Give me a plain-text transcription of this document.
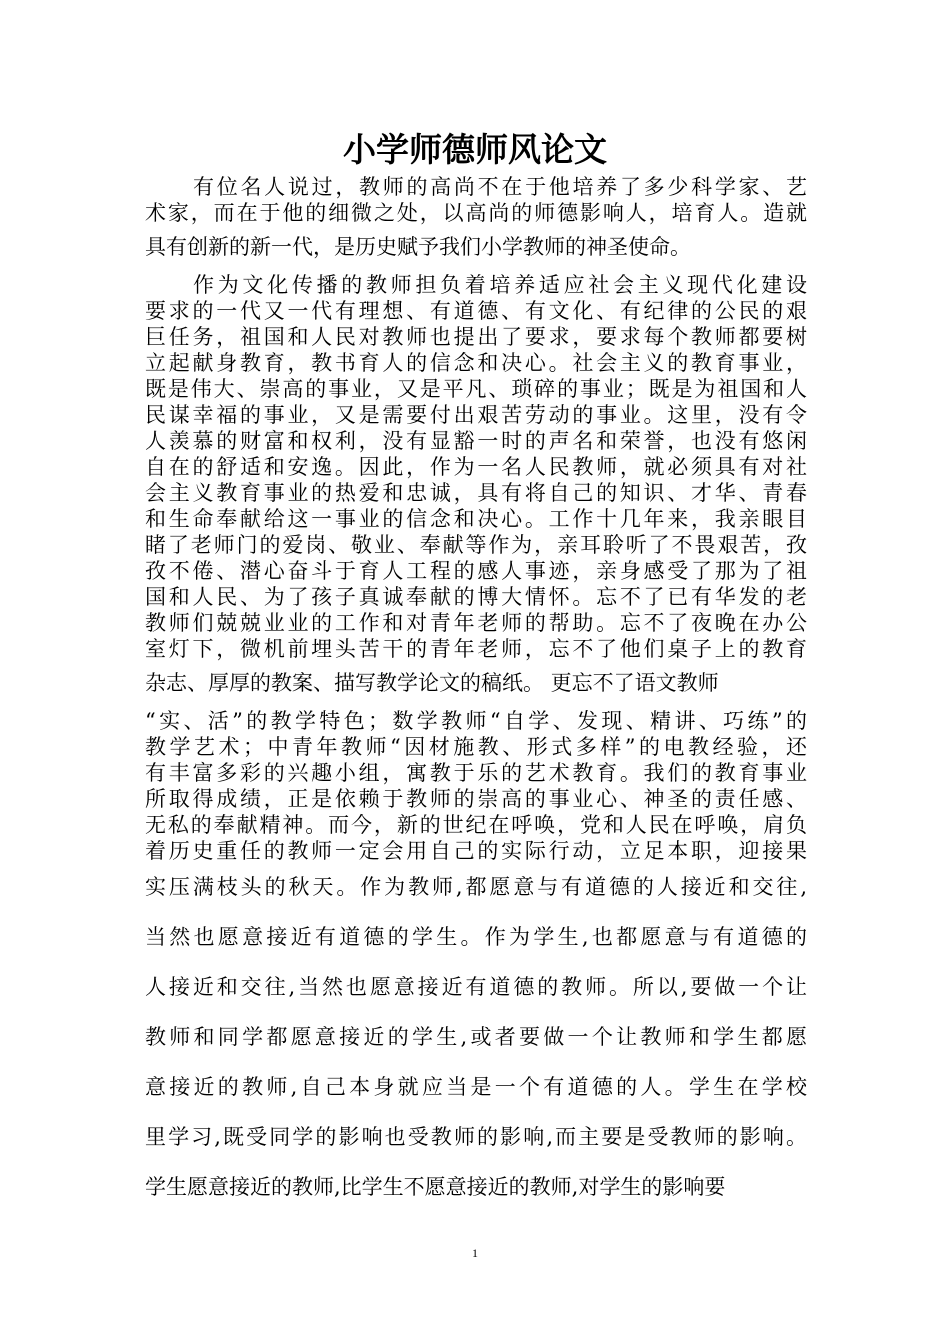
小学师德师风论文

有位名人说过，教师的高尚不在于他培养了多少科学家、艺

术家，而在于他的细微之处，以高尚的师德影响人，培育人。造就

具有创新的新一代，是历史赋予我们小学教师的神圣使命。

作为文化传播的教师担负着培养适应社会主义现代化建设

要求的一代又一代有理想、有道德、有文化、有纪律的公民的艰

巨任务，祖国和人民对教师也提出了要求，要求每个教师都要树

立起献身教育，教书育人的信念和决心。社会主义的教育事业，

既是伟大、崇高的事业，又是平凡、琐碎的事业；既是为祖国和人

民谋幸福的事业，又是需要付出艰苦劳动的事业。这里，没有令

人羡慕的财富和权利，没有显豁一时的声名和荣誉，也没有悠闲

自在的舒适和安逸。因此，作为一名人民教师，就必须具有对社

会主义教育事业的热爱和忠诚，具有将自己的知识、才华、青春

和生命奉献给这一事业的信念和决心。工作十几年来，我亲眼目

睹了老师门的爱岗、敬业、奉献等作为，亲耳聆听了不畏艰苦，孜

孜不倦、潜心奋斗于育人工程的感人事迹，亲身感受了那为了祖

国和人民、为了孩子真诚奉献的博大情怀。忘不了已有华发的老

教师们兢兢业业的工作和对青年老师的帮助。忘不了夜晚在办公

室灯下，微机前埋头苦干的青年老师，忘不了他们桌子上的教育

杂志、厚厚的教案、描写教学论文的稿纸。 更忘不了语文教师

“实、活”的教学特色；数学教师“自学、发现、精讲、巧练”的

教学艺术；中青年教师“因材施教、形式多样”的电教经验，还

有丰富多彩的兴趣小组，寓教于乐的艺术教育。我们的教育事业

所取得成绩，正是依赖于教师的崇高的事业心、神圣的责任感、

无私的奉献精神。而今，新的世纪在呼唤，党和人民在呼唤，肩负

着历史重任的教师一定会用自己的实际行动，立足本职，迎接果

实压满枝头的秋天。作为教师,都愿意与有道德的人接近和交往,

当然也愿意接近有道德的学生。作为学生,也都愿意与有道德的

人接近和交往,当然也愿意接近有道德的教师。所以,要做一个让

教师和同学都愿意接近的学生,或者要做一个让教师和学生都愿

意接近的教师,自己本身就应当是一个有道德的人。学生在学校

里学习,既受同学的影响也受教师的影响,而主要是受教师的影响。

学生愿意接近的教师,比学生不愿意接近的教师,对学生的影响要

1
